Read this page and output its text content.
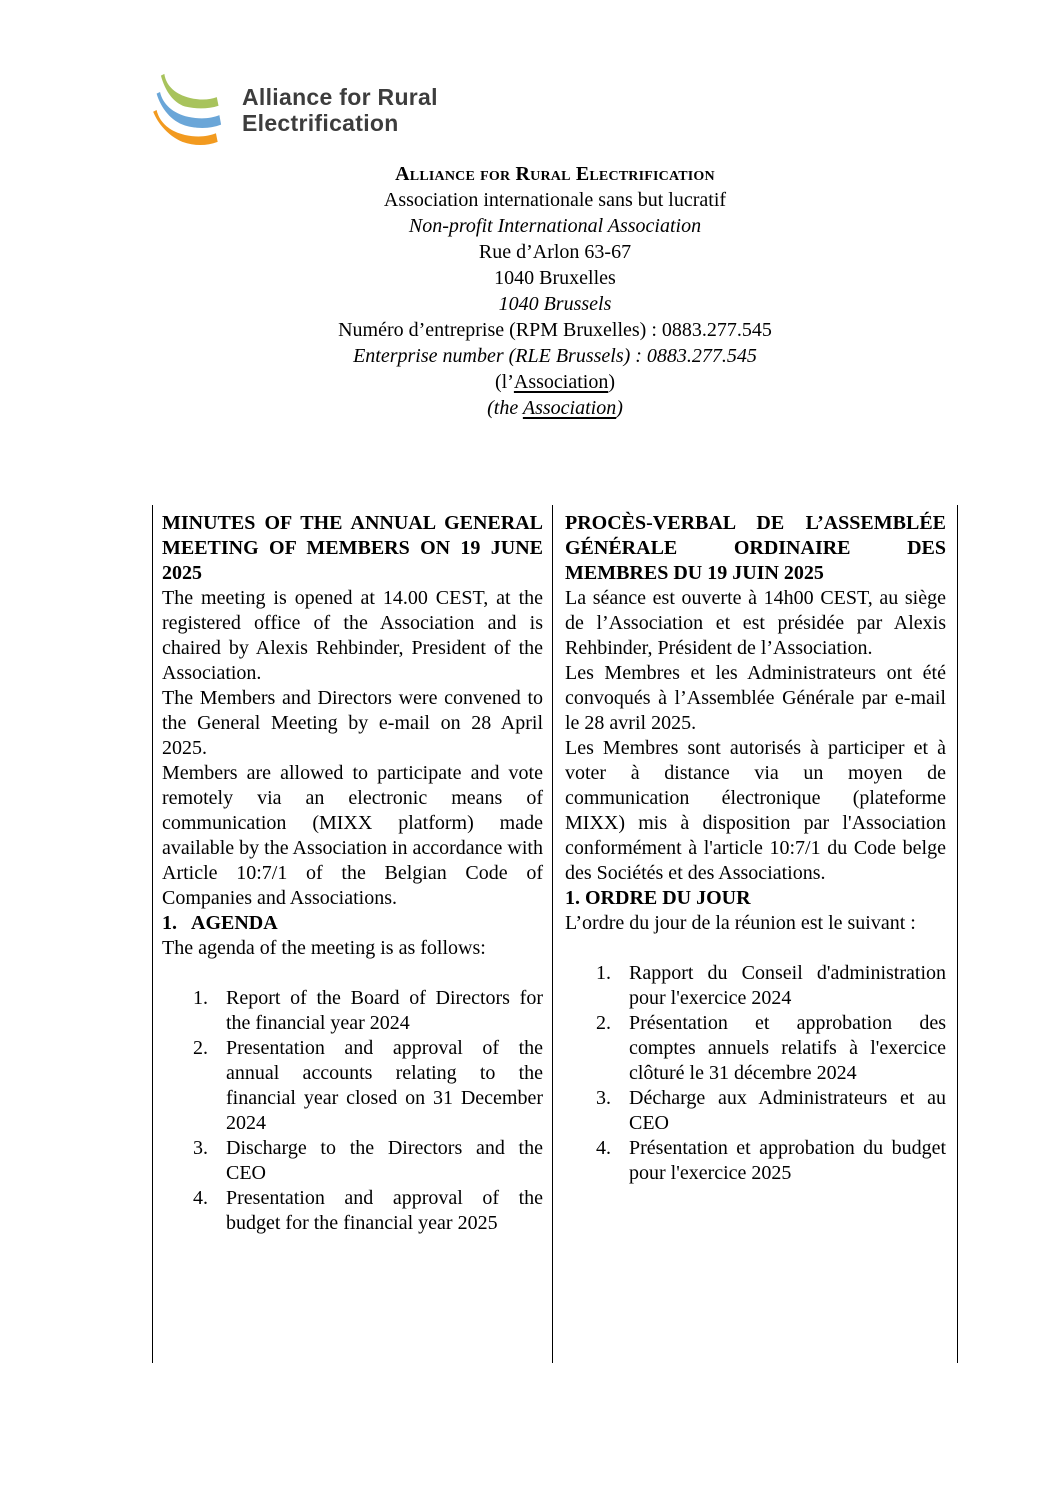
Alliance for Rural
Electrification
Alliance for Rural Electrification
Association internationale sans but lucratif
Non-profit International Association
Rue d’Arlon 63-67
1040 Bruxelles
1040 Brussels
Numéro d’entreprise (RPM Bruxelles) : 0883.277.545
Enterprise number (RLE Brussels) : 0883.277.545
(l’Association)
(the Association)

MINUTES OF THE ANNUAL GENERAL MEETING OF MEMBERS ON 19 JUNE 2025

The meeting is opened at 14.00 CEST, at the registered office of the Association and is chaired by Alexis Rehbinder, President of the Association.

The Members and Directors were convened to the General Meeting by e-mail on 28 April 2025.

Members are allowed to participate and vote remotely via an electronic means of communication (MIXX platform) made available by the Association in accordance with Article 10:7/1 of the Belgian Code of Companies and Associations.

1. AGENDA

The agenda of the meeting is as follows:

1. Report of the Board of Directors for the financial year 2024
2. Presentation and approval of the annual accounts relating to the financial year closed on 31 December 2024
3. Discharge to the Directors and the CEO
4. Presentation and approval of the budget for the financial year 2025

PROCÈS-VERBAL DE L’ASSEMBLÉE GÉNÉRALE ORDINAIRE DES MEMBRES DU 19 JUIN 2025

La séance est ouverte à 14h00 CEST, au siège de l’Association et est présidée par Alexis Rehbinder, Président de l’Association.

Les Membres et les Administrateurs ont été convoqués à l’Assemblée Générale par e-mail le 28 avril 2025.

Les Membres sont autorisés à participer et à voter à distance via un moyen de communication électronique (plateforme MIXX) mis à disposition par l'Association conformément à l'article 10:7/1 du Code belge des Sociétés et des Associations.

1. ORDRE DU JOUR

L’ordre du jour de la réunion est le suivant :

1. Rapport du Conseil d'administration pour l'exercice 2024
2. Présentation et approbation des comptes annuels relatifs à l'exercice clôturé le 31 décembre 2024
3. Décharge aux Administrateurs et au CEO
4. Présentation et approbation du budget pour l'exercice 2025
